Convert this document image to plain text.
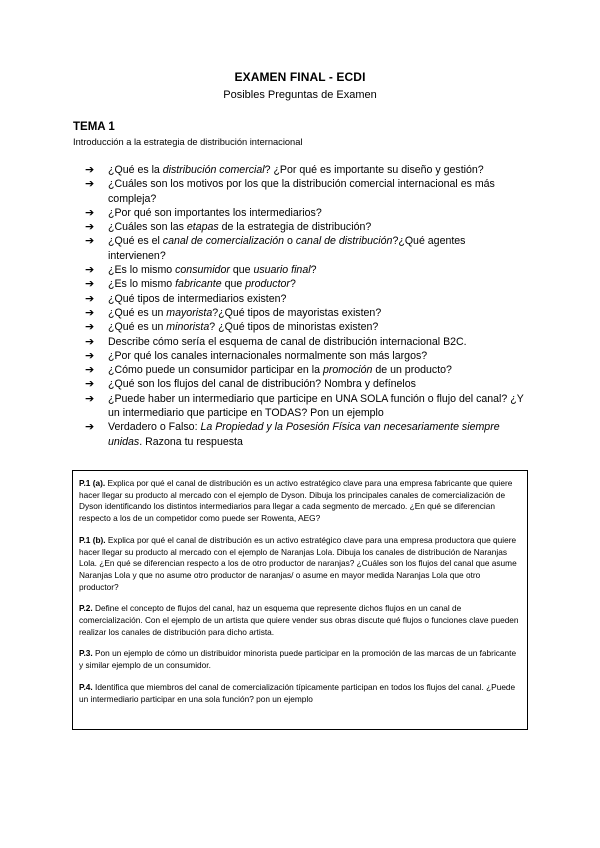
EXAMEN FINAL - ECDI
Posibles Preguntas de Examen
TEMA 1
Introducción a la estrategia de distribución internacional
➔ ¿Qué es la distribución comercial? ¿Por qué es importante su diseño y gestión?
➔ ¿Cuáles son los motivos por los que la distribución comercial internacional es más compleja?
➔ ¿Por qué son importantes los intermediarios?
➔ ¿Cuáles son las etapas de la estrategia de distribución?
➔ ¿Qué es el canal de comercialización o canal de distribución?¿Qué agentes intervienen?
➔ ¿Es lo mismo consumidor que usuario final?
➔ ¿Es lo mismo fabricante que productor?
➔ ¿Qué tipos de intermediarios existen?
➔ ¿Qué es un mayorista?¿Qué tipos de mayoristas existen?
➔ ¿Qué es un minorista? ¿Qué tipos de minoristas existen?
➔ Describe cómo sería el esquema de canal de distribución internacional B2C.
➔ ¿Por qué los canales internacionales normalmente son más largos?
➔ ¿Cómo puede un consumidor participar en la promoción de un producto?
➔ ¿Qué son los flujos del canal de distribución? Nombra y defínelos
➔ ¿Puede haber un intermediario que participe en UNA SOLA función o flujo del canal? ¿Y un intermediario que participe en TODAS? Pon un ejemplo
➔ Verdadero o Falso: La Propiedad y la Posesión Física van necesariamente siempre unidas. Razona tu respuesta

P.1 (a). Explica por qué el canal de distribución es un activo estratégico clave para una empresa fabricante que quiere hacer llegar su producto al mercado con el ejemplo de Dyson. Dibuja los principales canales de comercialización de Dyson identificando los distintos intermediarios para llegar a cada segmento de mercado. ¿En qué se diferencian respecto a los de un competidor como puede ser Rowenta, AEG?

P.1 (b). Explica por qué el canal de distribución es un activo estratégico clave para una empresa productora que quiere hacer llegar su producto al mercado con el ejemplo de Naranjas Lola. Dibuja los canales de distribución de Naranjas Lola. ¿En qué se diferencian respecto a los de otro productor de naranjas? ¿Cuáles son los flujos del canal que asume Naranjas Lola y que no asume otro productor de naranjas/ o asume en mayor medida Naranjas Lola que otro productor?

P.2. Define el concepto de flujos del canal, haz un esquema que represente dichos flujos en un canal de comercialización. Con el ejemplo de un artista que quiere vender sus obras discute qué flujos o funciones clave pueden realizar los canales de distribución para dicho artista.

P.3. Pon un ejemplo de cómo un distribuidor minorista puede participar en la promoción de las marcas de un fabricante y similar ejemplo de un consumidor.

P.4. Identifica que miembros del canal de comercialización típicamente participan en todos los flujos del canal. ¿Puede un intermediario participar en una sola función? pon un ejemplo
